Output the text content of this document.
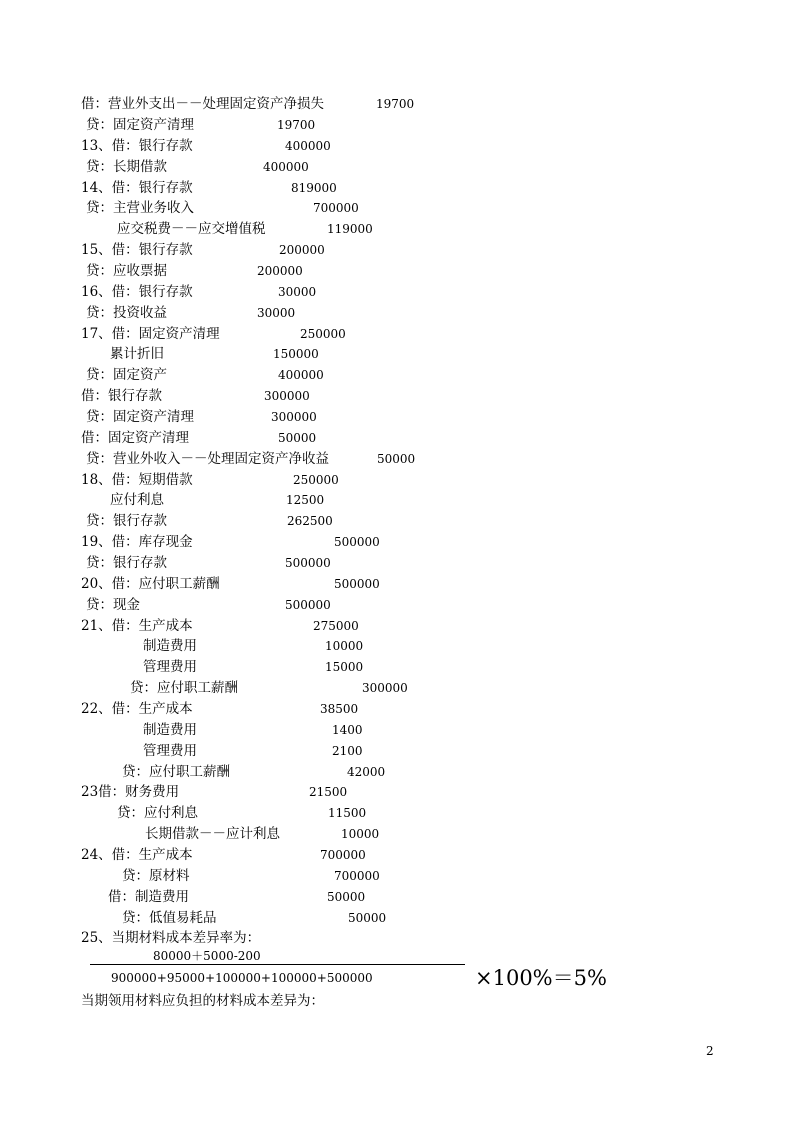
借：营业外支出－－处理固定资产净损失	19700
贷：固定资产清理	19700
13、借：银行存款	400000
贷：长期借款	400000
14、借：银行存款	819000
贷：主营业务收入	700000
应交税费－－应交增值税	119000
15、借：银行存款	200000
贷：应收票据	200000
16、借：银行存款	30000
贷：投资收益	30000
17、借：固定资产清理	250000
累计折旧	150000
贷：固定资产	400000
借：银行存款	300000
贷：固定资产清理	300000
借：固定资产清理	50000
贷：营业外收入－－处理固定资产净收益	50000
18、借：短期借款	250000
应付利息	12500
贷：银行存款	262500
19、借：库存现金	500000
贷：银行存款	500000
20、借：应付职工薪酬	500000
贷：现金	500000
21、借：生产成本	275000
制造费用	10000
管理费用	15000
贷：应付职工薪酬	300000
22、借：生产成本	38500
制造费用	1400
管理费用	2100
贷：应付职工薪酬	42000
23借：财务费用	21500
贷：应付利息	11500
长期借款－－应计利息	10000
24、借：生产成本	700000
贷：原材料	700000
借：制造费用	50000
贷：低值易耗品	50000
25、当期材料成本差异率为：
80000＋5000-200
900000+95000+100000+100000+500000	×100%＝5%
当期领用材料应负担的材料成本差异为：
2
